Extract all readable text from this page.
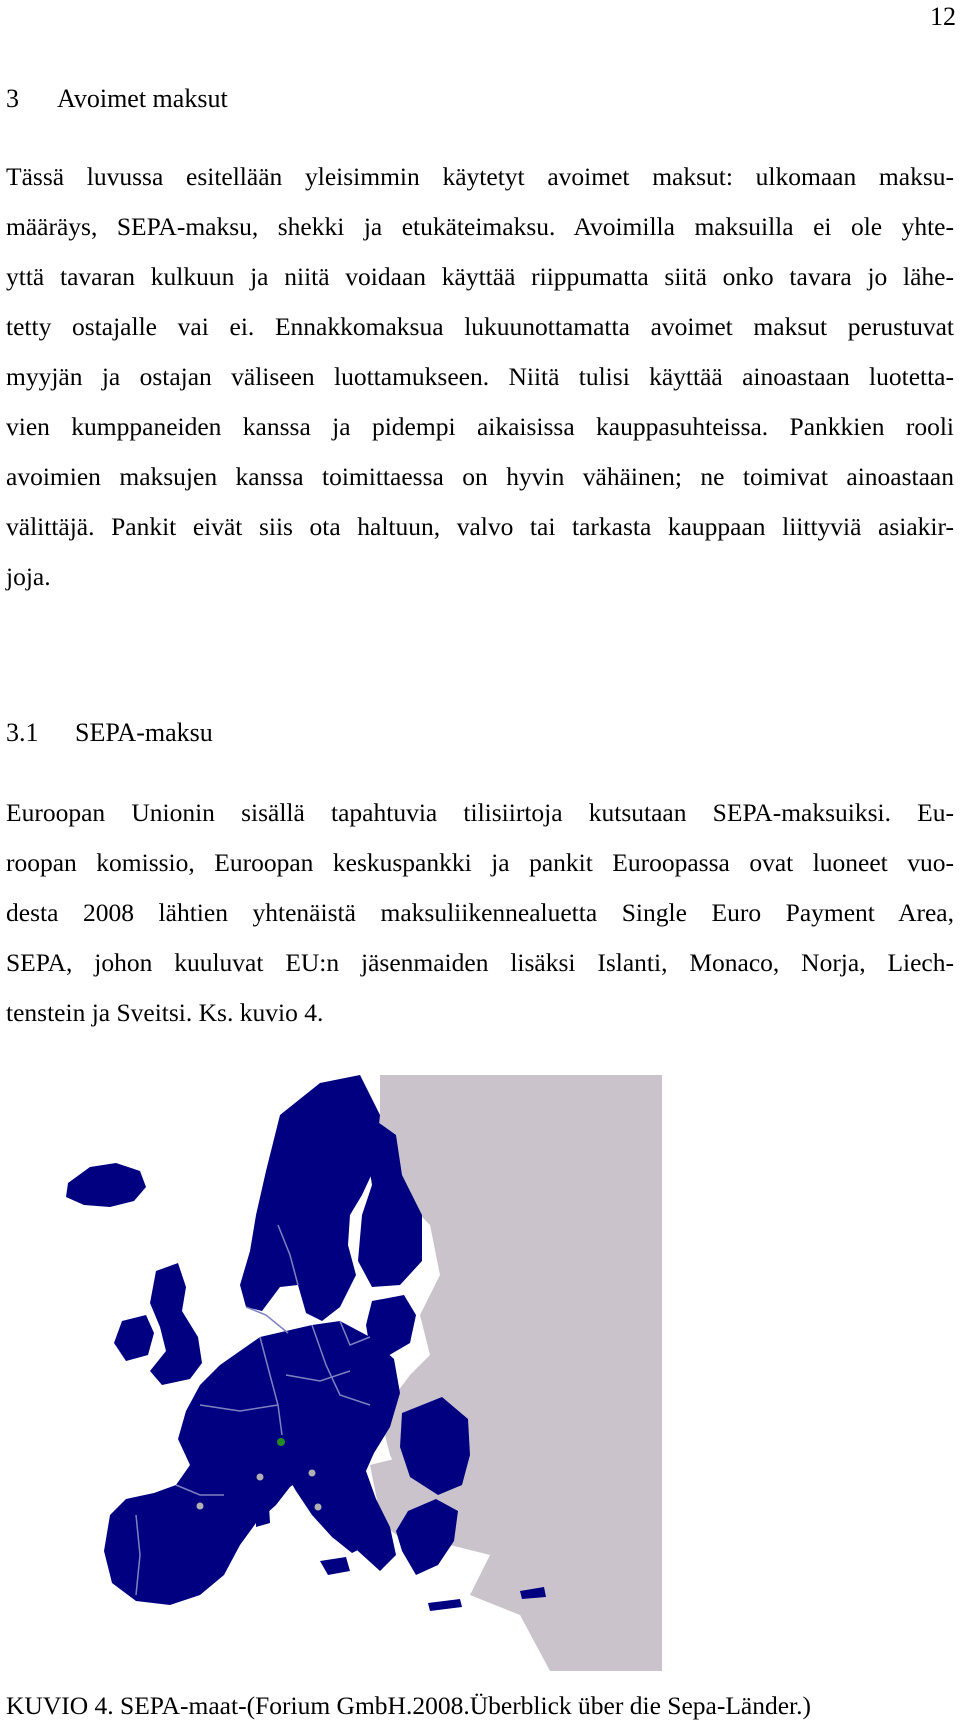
12
3 Avoimet maksut
Tässä luvussa esitellään yleisimmin käytetyt avoimet maksut: ulkomaan maksu-
määräys, SEPA-maksu, shekki ja etukäteimaksu. Avoimilla maksuilla ei ole yhte-
yttä tavaran kulkuun ja niitä voidaan käyttää riippumatta siitä onko tavara jo lähe-
tetty ostajalle vai ei. Ennakkomaksua lukuunottamatta avoimet maksut perustuvat
myyjän ja ostajan väliseen luottamukseen. Niitä tulisi käyttää ainoastaan luotetta-
vien kumppaneiden kanssa ja pidempi aikaisissa kauppasuhteissa. Pankkien rooli
avoimien maksujen kanssa toimittaessa on hyvin vähäinen; ne toimivat ainoastaan
välittäjä. Pankit eivät siis ota haltuun, valvo tai tarkasta kauppaan liittyviä asiakir-
joja.
3.1 SEPA-maksu
Euroopan Unionin sisällä tapahtuvia tilisiirtoja kutsutaan SEPA-maksuiksi. Eu-
roopan komissio, Euroopan keskuspankki ja pankit Euroopassa ovat luoneet vuo-
desta 2008 lähtien yhtenäistä maksuliikennealuetta Single Euro Payment Area,
SEPA, johon kuuluvat EU:n jäsenmaiden lisäksi Islanti, Monaco, Norja, Liech-
tenstein ja Sveitsi. Ks. kuvio 4.
KUVIO 4. SEPA-maat-(Forium GmbH.2008.Überblick über die Sepa-Länder.)
